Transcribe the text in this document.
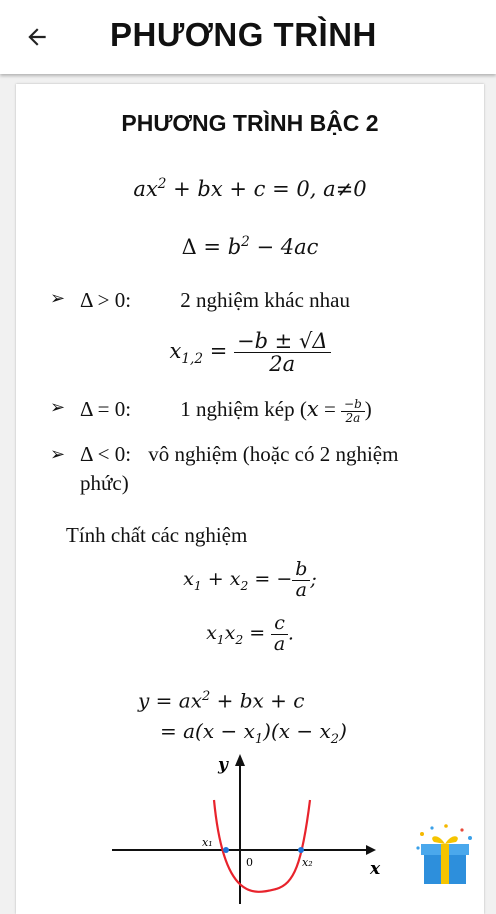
PHƯƠNG TRÌNH
PHƯƠNG TRÌNH BẬC 2
$ax^2$ + bx + c = 0, a≠0
$\Delta = b^2 - 4ac$
➢ Δ > 0: 2 nghiệm khác nhau
$x_{1,2} = \frac{-b \pm √\Delta}{2a}$
➢ Δ = 0: 1 nghiệm kép ($x = \frac{-b}{2a}$ )
➢ Δ < 0: vô nghiệm (hoặc có 2 nghiệm
phức)
Tính chất các nghiệm
$x_1 + x_2$ = − $\frac{b}{a}$ ;
$x_1x_2 = \frac{c}{a}$ .
$y = ax^2$ + bx + c
= $a(x - x_1)(x - x_2)$
y
x
0
x₁
x₂
